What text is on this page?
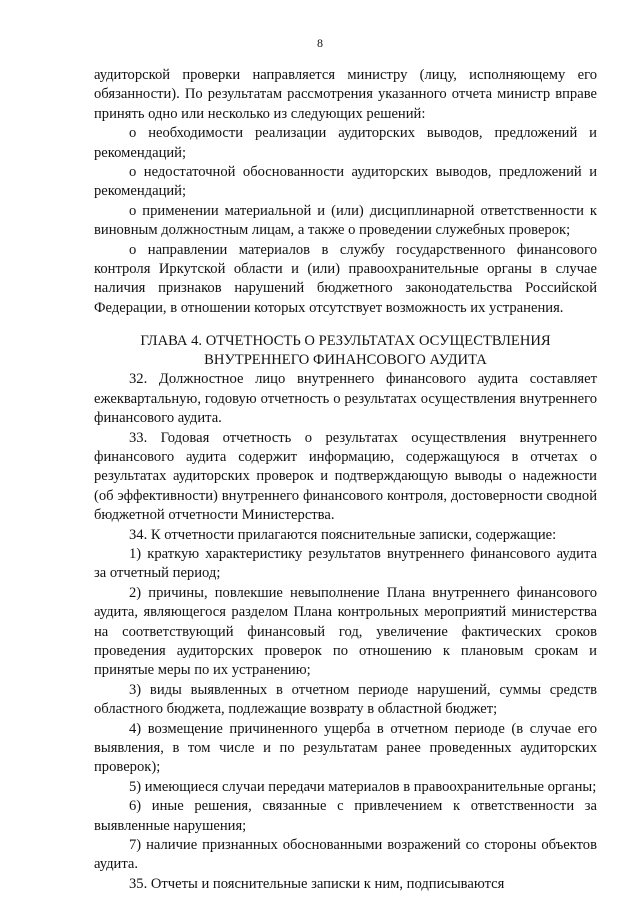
8

аудиторской проверки направляется министру (лицу, исполняющему его обязанности). По результатам рассмотрения указанного отчета министр вправе принять одно или несколько из следующих решений:

о необходимости реализации аудиторских выводов, предложений и рекомендаций;

о недостаточной обоснованности аудиторских выводов, предложений и рекомендаций;

о применении материальной и (или) дисциплинарной ответственности к виновным должностным лицам, а также о проведении служебных проверок;

о направлении материалов в службу государственного финансового контроля Иркутской области и (или) правоохранительные органы в случае наличия признаков нарушений бюджетного законодательства Российской Федерации, в отношении которых отсутствует возможность их устранения.

ГЛАВА 4. ОТЧЕТНОСТЬ О РЕЗУЛЬТАТАХ ОСУЩЕСТВЛЕНИЯ
ВНУТРЕННЕГО ФИНАНСОВОГО АУДИТА

32. Должностное лицо внутреннего финансового аудита составляет ежеквартальную, годовую отчетность о результатах осуществления внутреннего финансового аудита.

33. Годовая отчетность о результатах осуществления внутреннего финансового аудита содержит информацию, содержащуюся в отчетах о результатах аудиторских проверок и подтверждающую выводы о надежности (об эффективности) внутреннего финансового контроля, достоверности сводной бюджетной отчетности Министерства.

34. К отчетности прилагаются пояснительные записки, содержащие:

1) краткую характеристику результатов внутреннего финансового аудита за отчетный период;

2) причины, повлекшие невыполнение Плана внутреннего финансового аудита, являющегося разделом Плана контрольных мероприятий министерства на соответствующий финансовый год, увеличение фактических сроков проведения аудиторских проверок по отношению к плановым срокам и принятые меры по их устранению;

3) виды выявленных в отчетном периоде нарушений, суммы средств областного бюджета, подлежащие возврату в областной бюджет;

4) возмещение причиненного ущерба в отчетном периоде (в случае его выявления, в том числе и по результатам ранее проведенных аудиторских проверок);

5) имеющиеся случаи передачи материалов в правоохранительные органы;

6) иные решения, связанные с привлечением к ответственности за выявленные нарушения;

7) наличие признанных обоснованными возражений со стороны объектов аудита.

35. Отчеты и пояснительные записки к ним, подписываются
